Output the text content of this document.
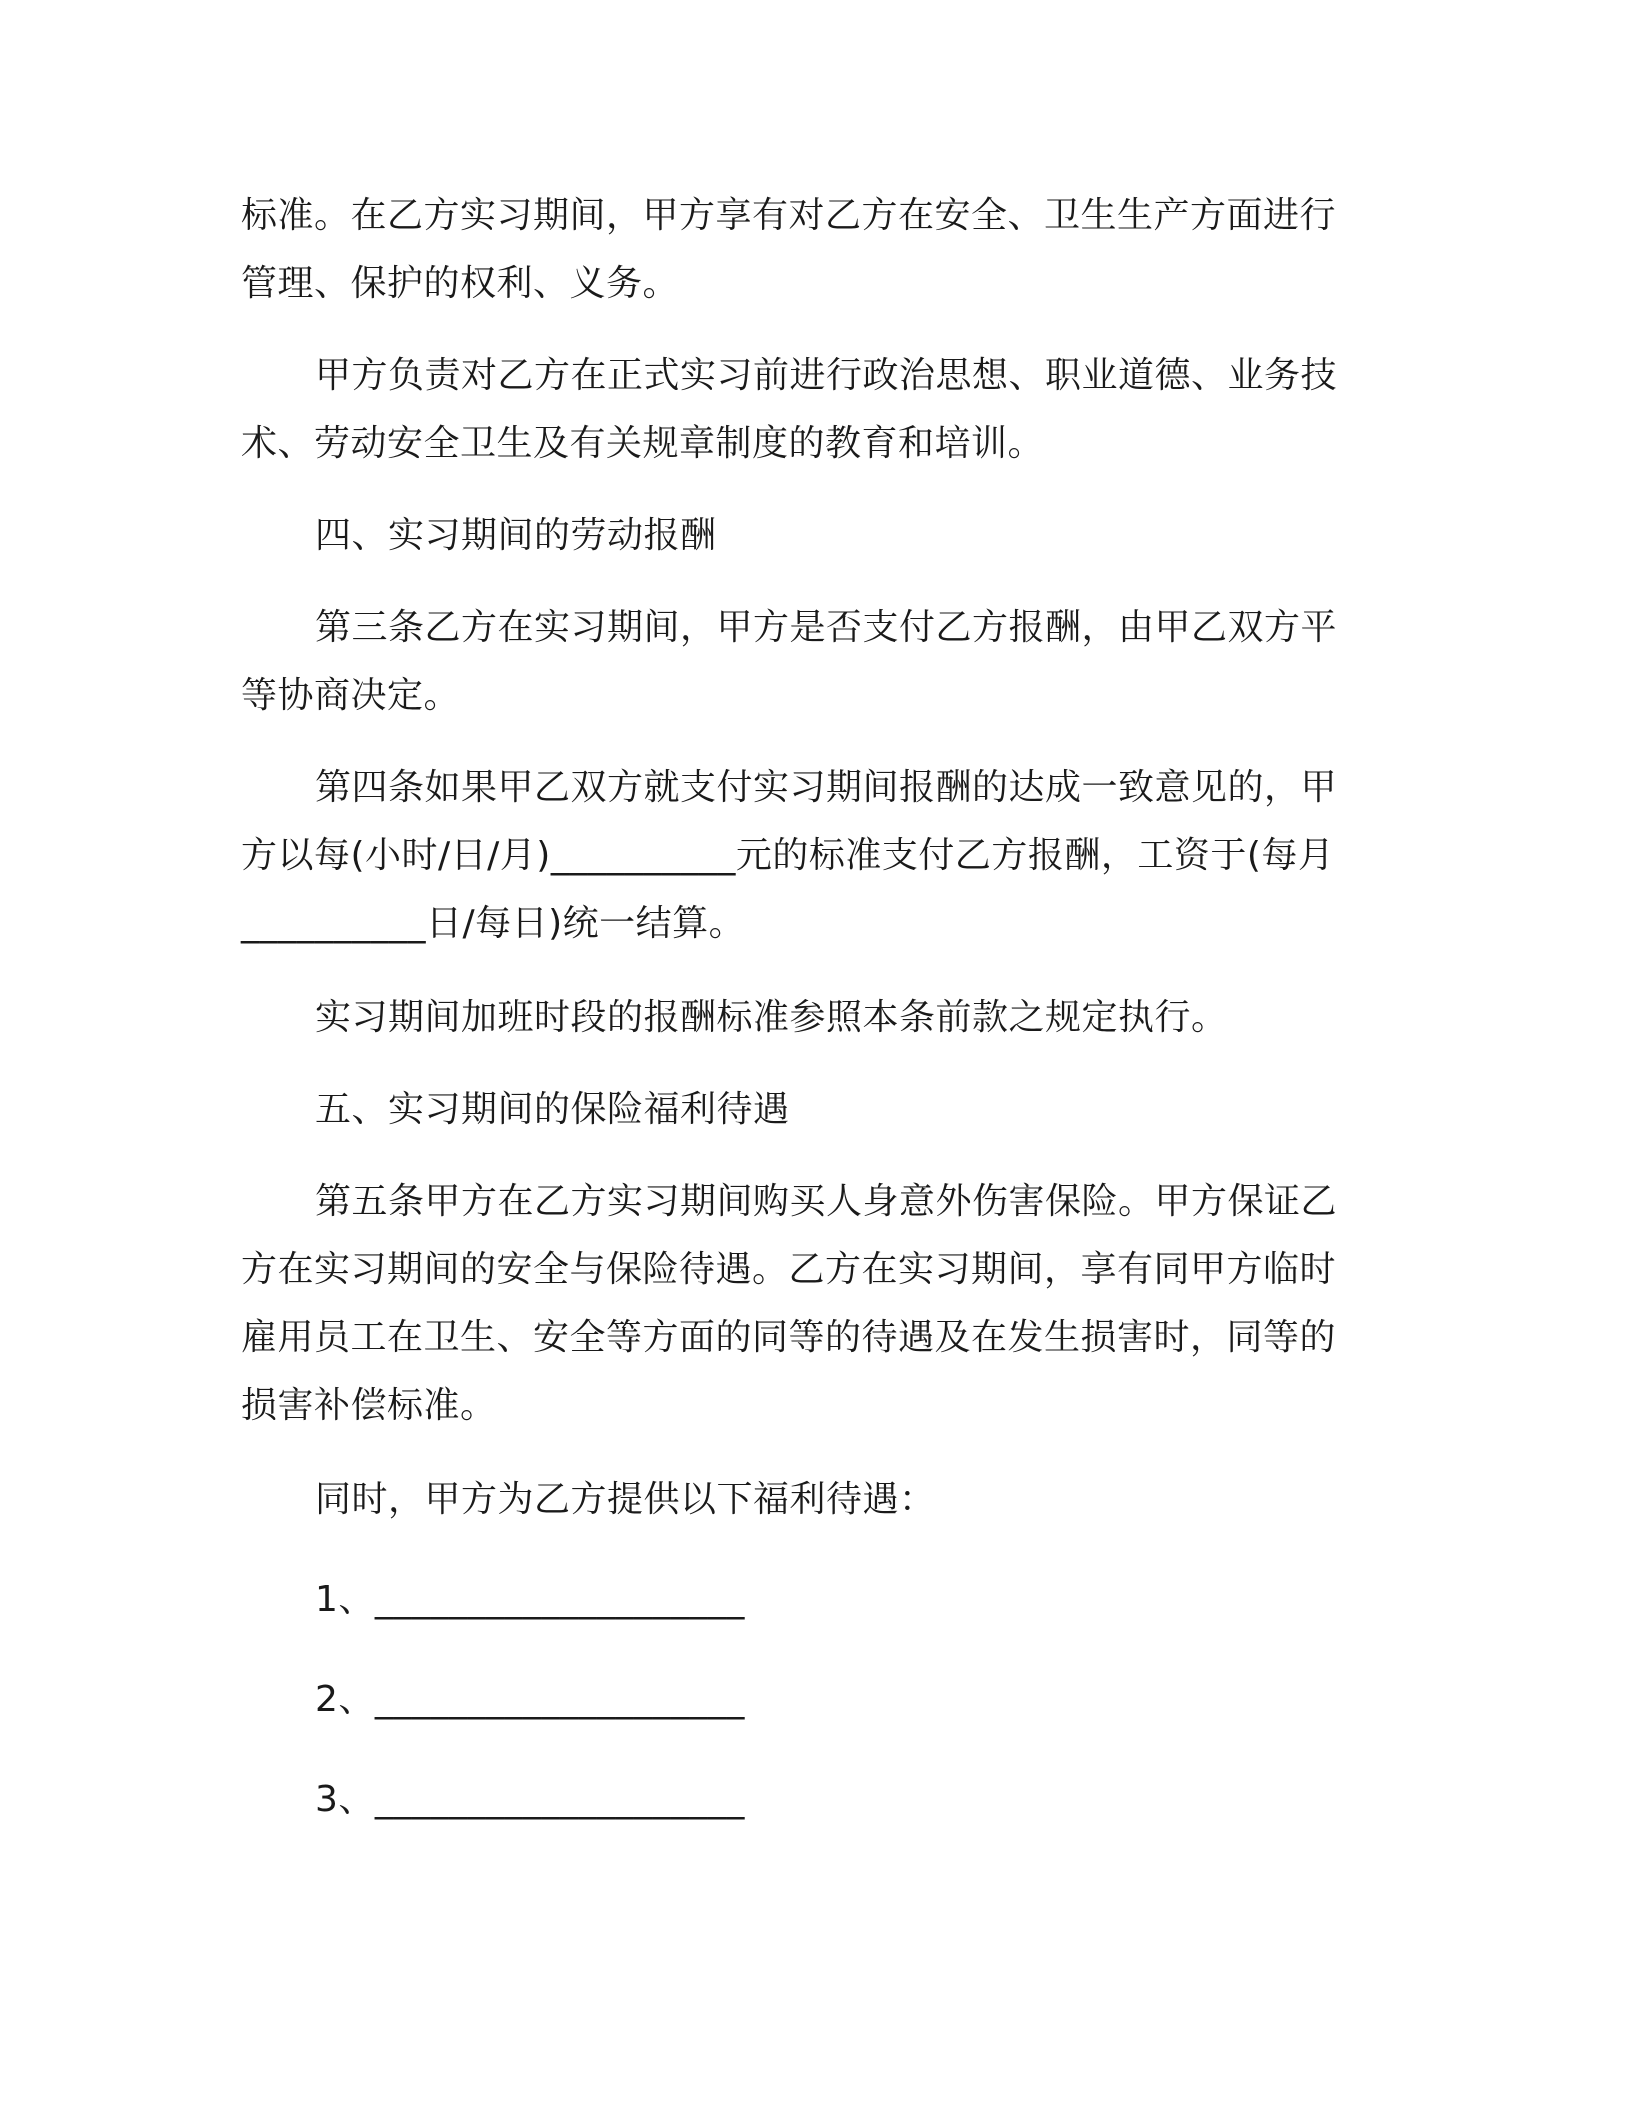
标准。在乙方实习期间，甲方享有对乙方在安全、卫生生产方面进行
管理、保护的权利、义务。
甲方负责对乙方在正式实习前进行政治思想、职业道德、业务技
术、劳动安全卫生及有关规章制度的教育和培训。
四、实习期间的劳动报酬
第三条乙方在实习期间，甲方是否支付乙方报酬，由甲乙双方平
等协商决定。
第四条如果甲乙双方就支付实习期间报酬的达成一致意见的，甲
方以每(小时/日/月)__________元的标准支付乙方报酬，工资于(每月
__________日/每日)统一结算。
实习期间加班时段的报酬标准参照本条前款之规定执行。
五、实习期间的保险福利待遇
第五条甲方在乙方实习期间购买人身意外伤害保险。甲方保证乙
方在实习期间的安全与保险待遇。乙方在实习期间，享有同甲方临时
雇用员工在卫生、安全等方面的同等的待遇及在发生损害时，同等的
损害补偿标准。
同时，甲方为乙方提供以下福利待遇：
1、____________________
2、____________________
3、____________________
